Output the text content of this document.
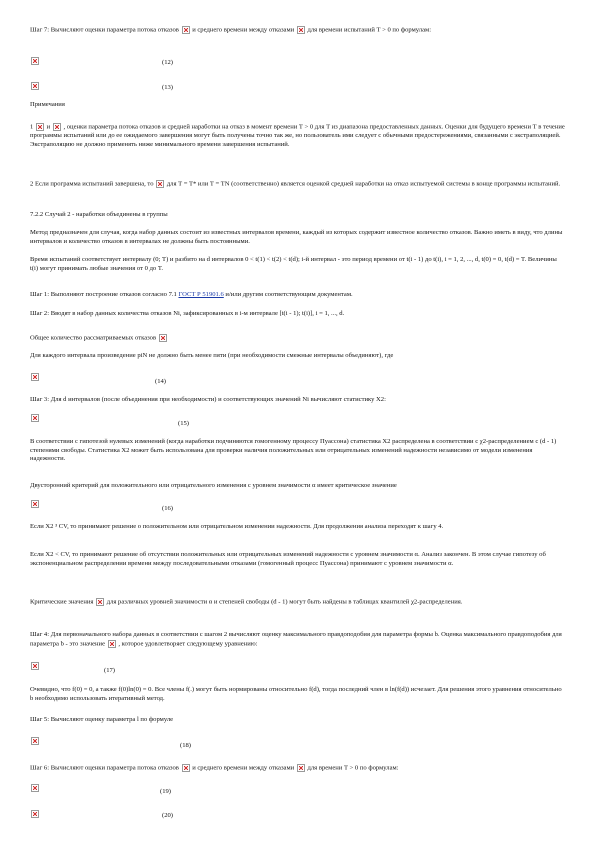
Шаг 7: Вычисляют оценки параметра потока отказов и среднего времени между отказами для времени испытаний T > 0 по формулам:

(12)
(13)

Примечания

1 и , оценки параметра потока отказов и средней наработки на отказ в момент времени T > 0 для T из диапазона предоставленных данных. Оценки для будущего времени T в течение программы испытаний или до ее ожидаемого завершения могут быть получены точно так же, но пользователь ими следует с обычными предостережениями, связанными с экстраполяцией. Экстраполяцию не должно применять ниже минимального времени завершения испытаний.

2 Если программа испытаний завершена, то для T = T* или T = TN (соответственно) является оценкой средней наработки на отказ испытуемой системы в конце программы испытаний.

7.2.2 Случай 2 - наработки объединены в группы

Метод предназначен для случая, когда набор данных состоит из известных интервалов времени, каждый из которых содержит известное количество отказов. Важно иметь в виду, что длины интервалов и количество отказов в интервалах не должны быть постоянными.

Время испытаний соответствует интервалу (0; T) и разбито на d интервалов 0 < t(1) < t(2) < t(d); i-й интервал - это период времени от t(i - 1) до t(i), i = 1, 2, ..., d, t(0) = 0, t(d) = T. Величины t(i) могут принимать любые значения от 0 до T.

Шаг 1: Выполняют построение отказов согласно 7.1 ГОСТ Р 51901.6 и/или другим соответствующим документам.

Шаг 2: Вводят в набор данных количества отказов Ni, зафиксированных в i-м интервале [t(i - 1); t(i)], i = 1, ..., d.

Общее количество рассматриваемых отказов

Для каждого интервала произведение piN не должно быть менее пяти (при необходимости смежные интервалы объединяют), где

(14)

Шаг 3: Для d интервалов (после объединения при необходимости) и соответствующих значений Ni вычисляют статистику X2:

(15)

В соответствии с гипотезой нулевых изменений (когда наработки подчиняются гомогенному процессу Пуассона) статистика X2 распределена в соответствии с χ2-распределением с (d - 1) степенями свободы. Статистика X2 может быть использована для проверки наличия положительных или отрицательных изменений надежности независимо от модели изменения надежности.

Двусторонний критерий для положительного или отрицательного изменения с уровнем значимости α имеет критическое значение

(16)

Если X2 ³ CV, то принимают решение о положительном или отрицательном изменении надежности. Для продолжения анализа переходят к шагу 4.

Если X2 < CV, то принимают решение об отсутствии положительных или отрицательных изменений надежности с уровнем значимости α. Анализ закончен. В этом случае гипотезу об экспоненциальном распределении времени между последовательными отказами (гомогенный процесс Пуассона) принимают с уровнем значимости α.

Критические значения для различных уровней значимости α и степеней свободы (d - 1) могут быть найдены в таблицах квантилей χ2-распределения.

Шаг 4: Для первоначального набора данных в соответствии с шагом 2 вычисляют оценку максимального правдоподобия для параметра формы b. Оценка максимального правдоподобия для параметра b - это значение , которое удовлетворяет следующему уравнению:

(17)

Очевидно, что f(0) = 0, а также f(0)ln(0) = 0. Все члены f(.) могут быть нормированы относительно f(d), тогда последний член в ln(f(d)) исчезает. Для решения этого уравнения относительно b необходимо использовать итеративный метод.

Шаг 5: Вычисляют оценку параметра l по формуле

(18)

Шаг 6: Вычисляют оценки параметра потока отказов и среднего времени между отказами для времени T > 0 по формулам:

(19)
(20)
